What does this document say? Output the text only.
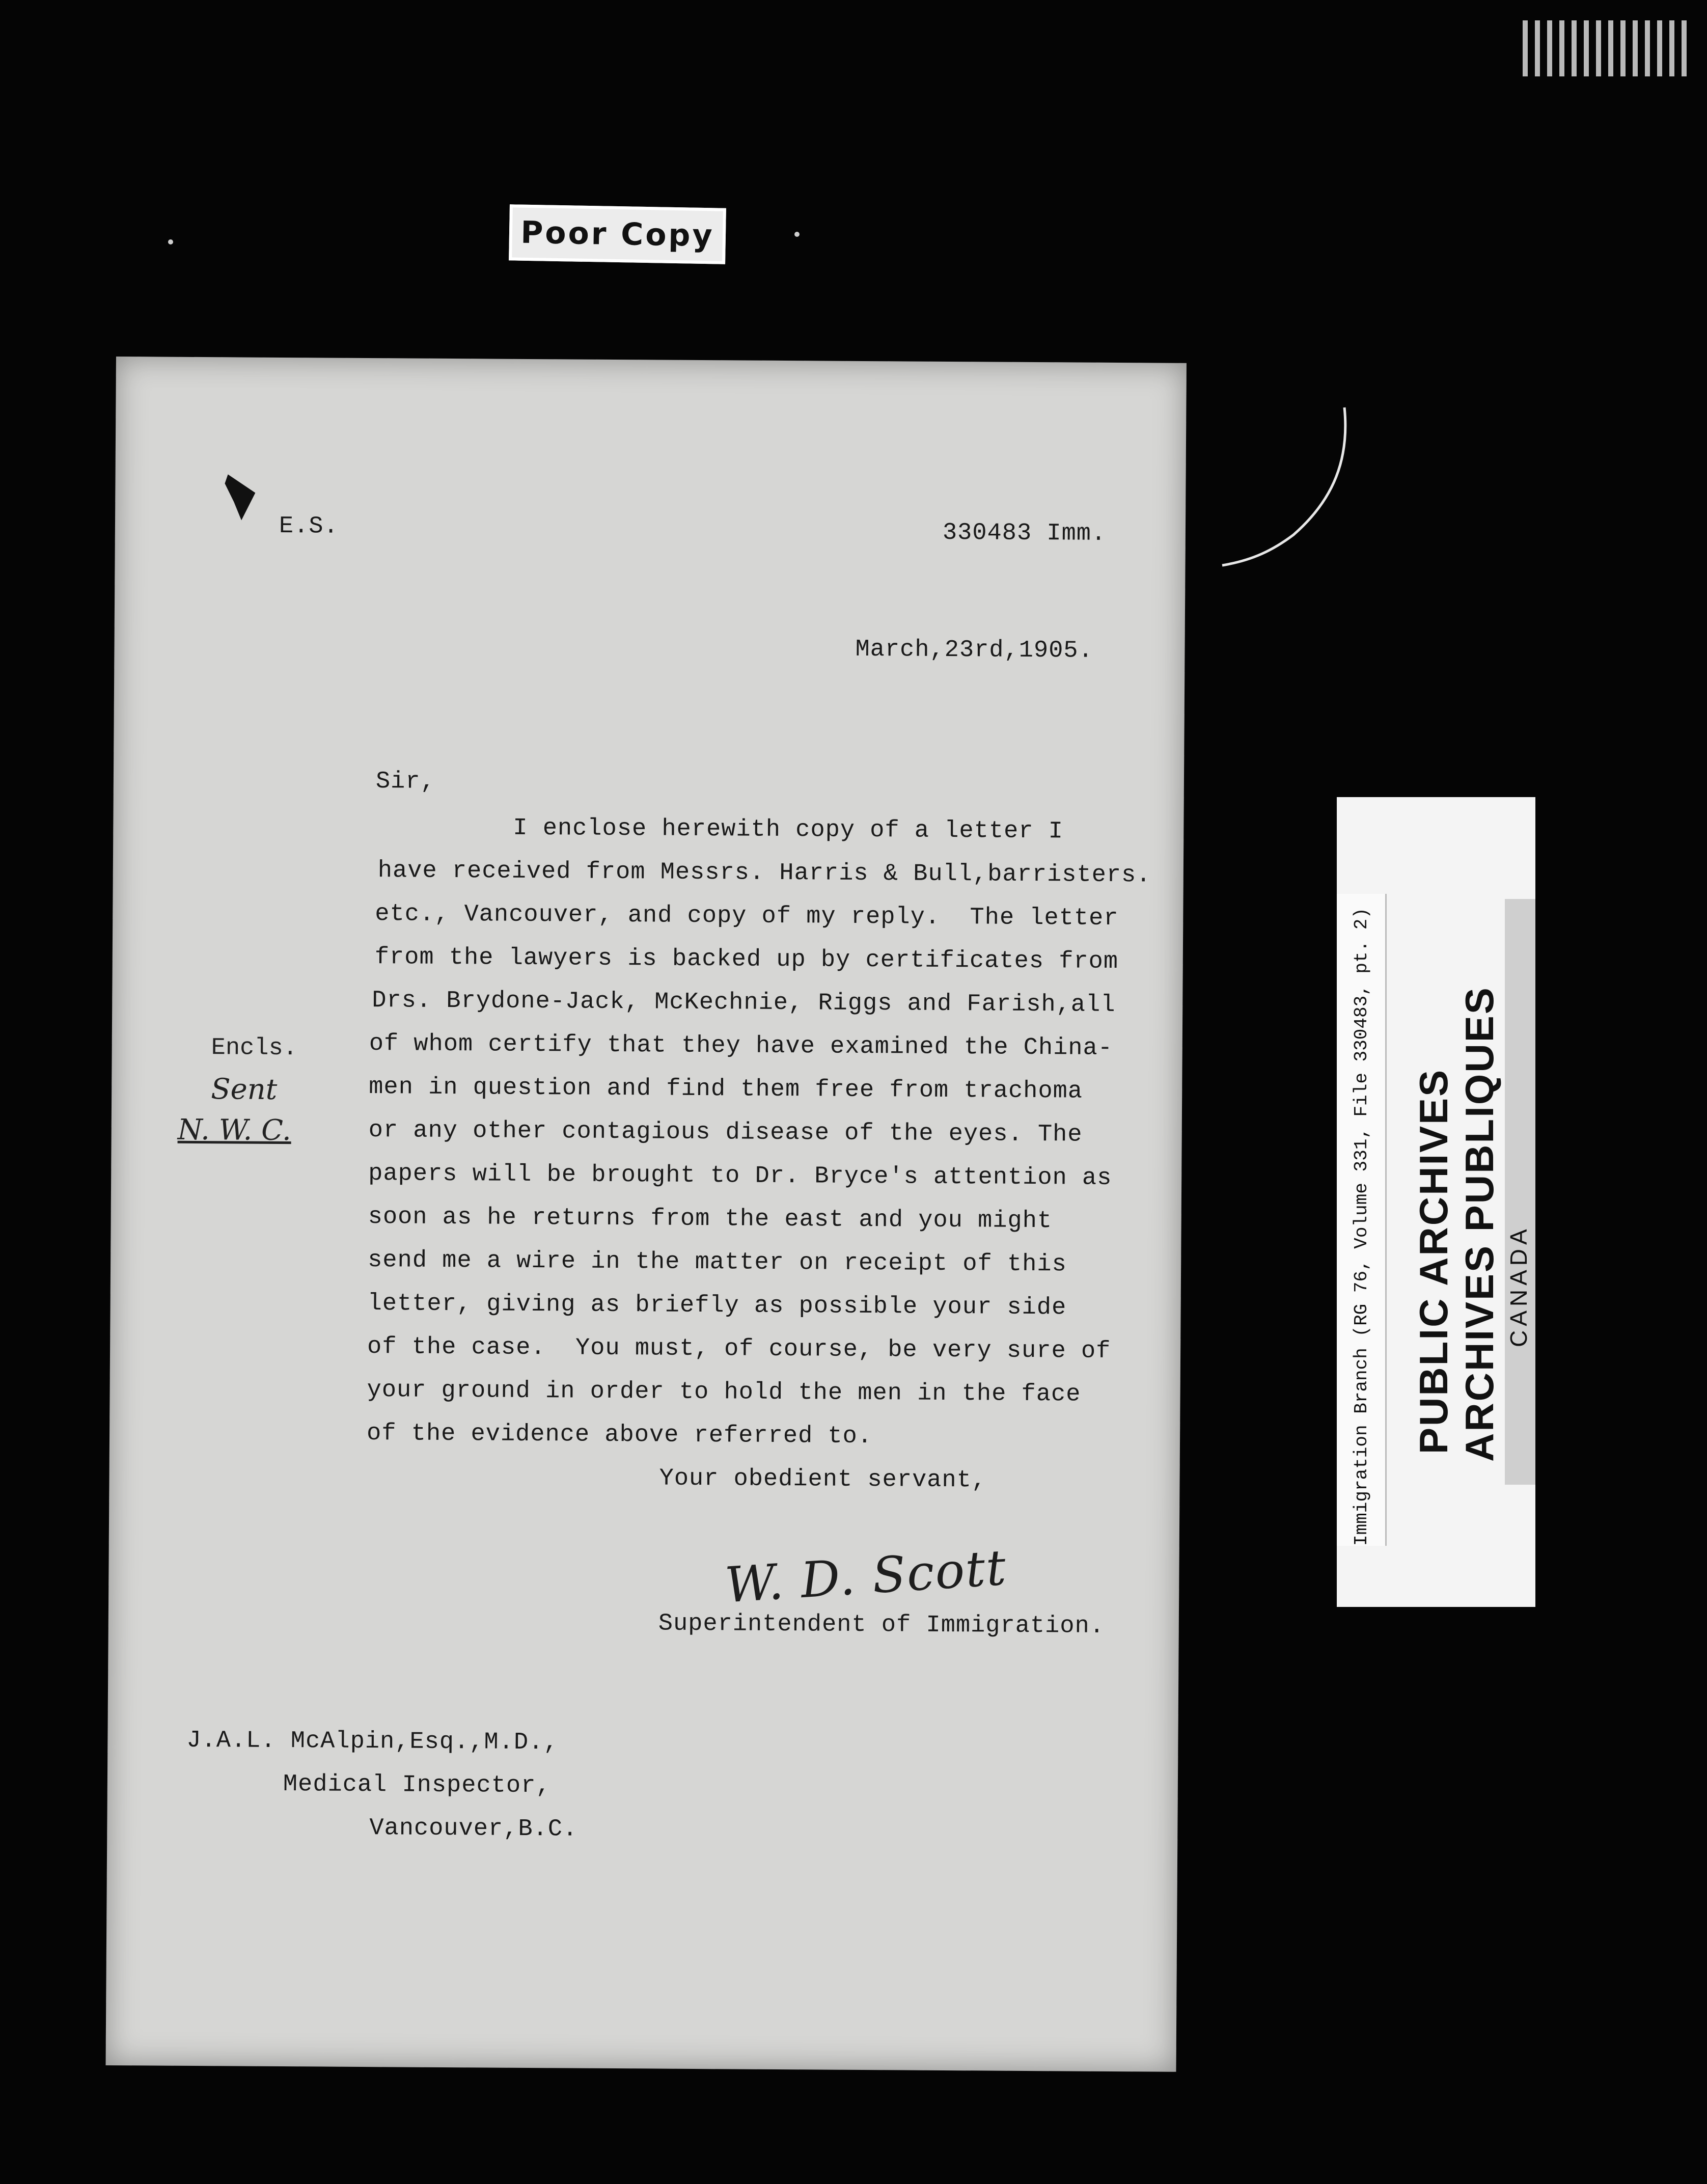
Poor Copy
E.S.	330483 Imm.
March,23rd,1905.
Sir,
I enclose herewith copy of a letter I
have received from Messrs. Harris & Bull,barristers.
etc., Vancouver, and copy of my reply.  The letter
from the lawyers is backed up by certificates from
Drs. Brydone-Jack, McKechnie, Riggs and Farish,all
of whom certify that they have examined the China-
men in question and find them free from trachoma
or any other contagious disease of the eyes. The
papers will be brought to Dr. Bryce's attention as
soon as he returns from the east and you might
send me a wire in the matter on receipt of this
letter, giving as briefly as possible your side
of the case.  You must, of course, be very sure of
your ground in order to hold the men in the face
of the evidence above referred to.
Your obedient servant,
Encls.
Sent
N. W. C.
W. D. Scott
Superintendent of Immigration.
J.A.L. McAlpin,Esq.,M.D.,
Medical Inspector,
Vancouver,B.C.
Immigration Branch (RG 76, Volume 331, File 330483, pt. 2) PUBLIC ARCHIVES ARCHIVES PUBLIQUES CANADA
